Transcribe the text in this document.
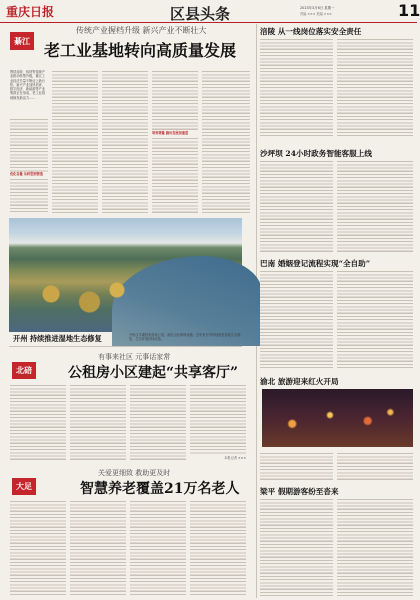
重庆日报	区县头条	2023年3月6日 星期一
责编 ××× 美编 ×××	11
綦江
传统产业握档升级 新兴产业不断壮大
老工业基地转向高质量发展
围绕齿轮、铝材等传统产业推动转型升级，綦江工业经济总量不断迈上新台阶。新兴产业加快培育，数字经济、新能源等产业集群正在形成，老工业基地焕发新活力……
优化存量 从转型到智造
培育增量 跑出发展加速度
开州 持续推进湿地生态修复	开州汉丰湖国家湿地公园，湖光山色相映成趣。近年来开州持续推进湿地生态修复，生态环境持续改善。
有事来社区 元事话家常
北碚	公租房小区建起“共享客厅”
本报记者 ×××
关爱更细致 救助更及时
大足	智慧养老覆盖21万名老人
涪陵 从一线岗位落实安全责任
沙坪坝 24小时政务智能客服上线
巴南 婚姻登记流程实现“全自助”
渝北 旅游迎来红火开局
梁平 假期游客纷至沓来
